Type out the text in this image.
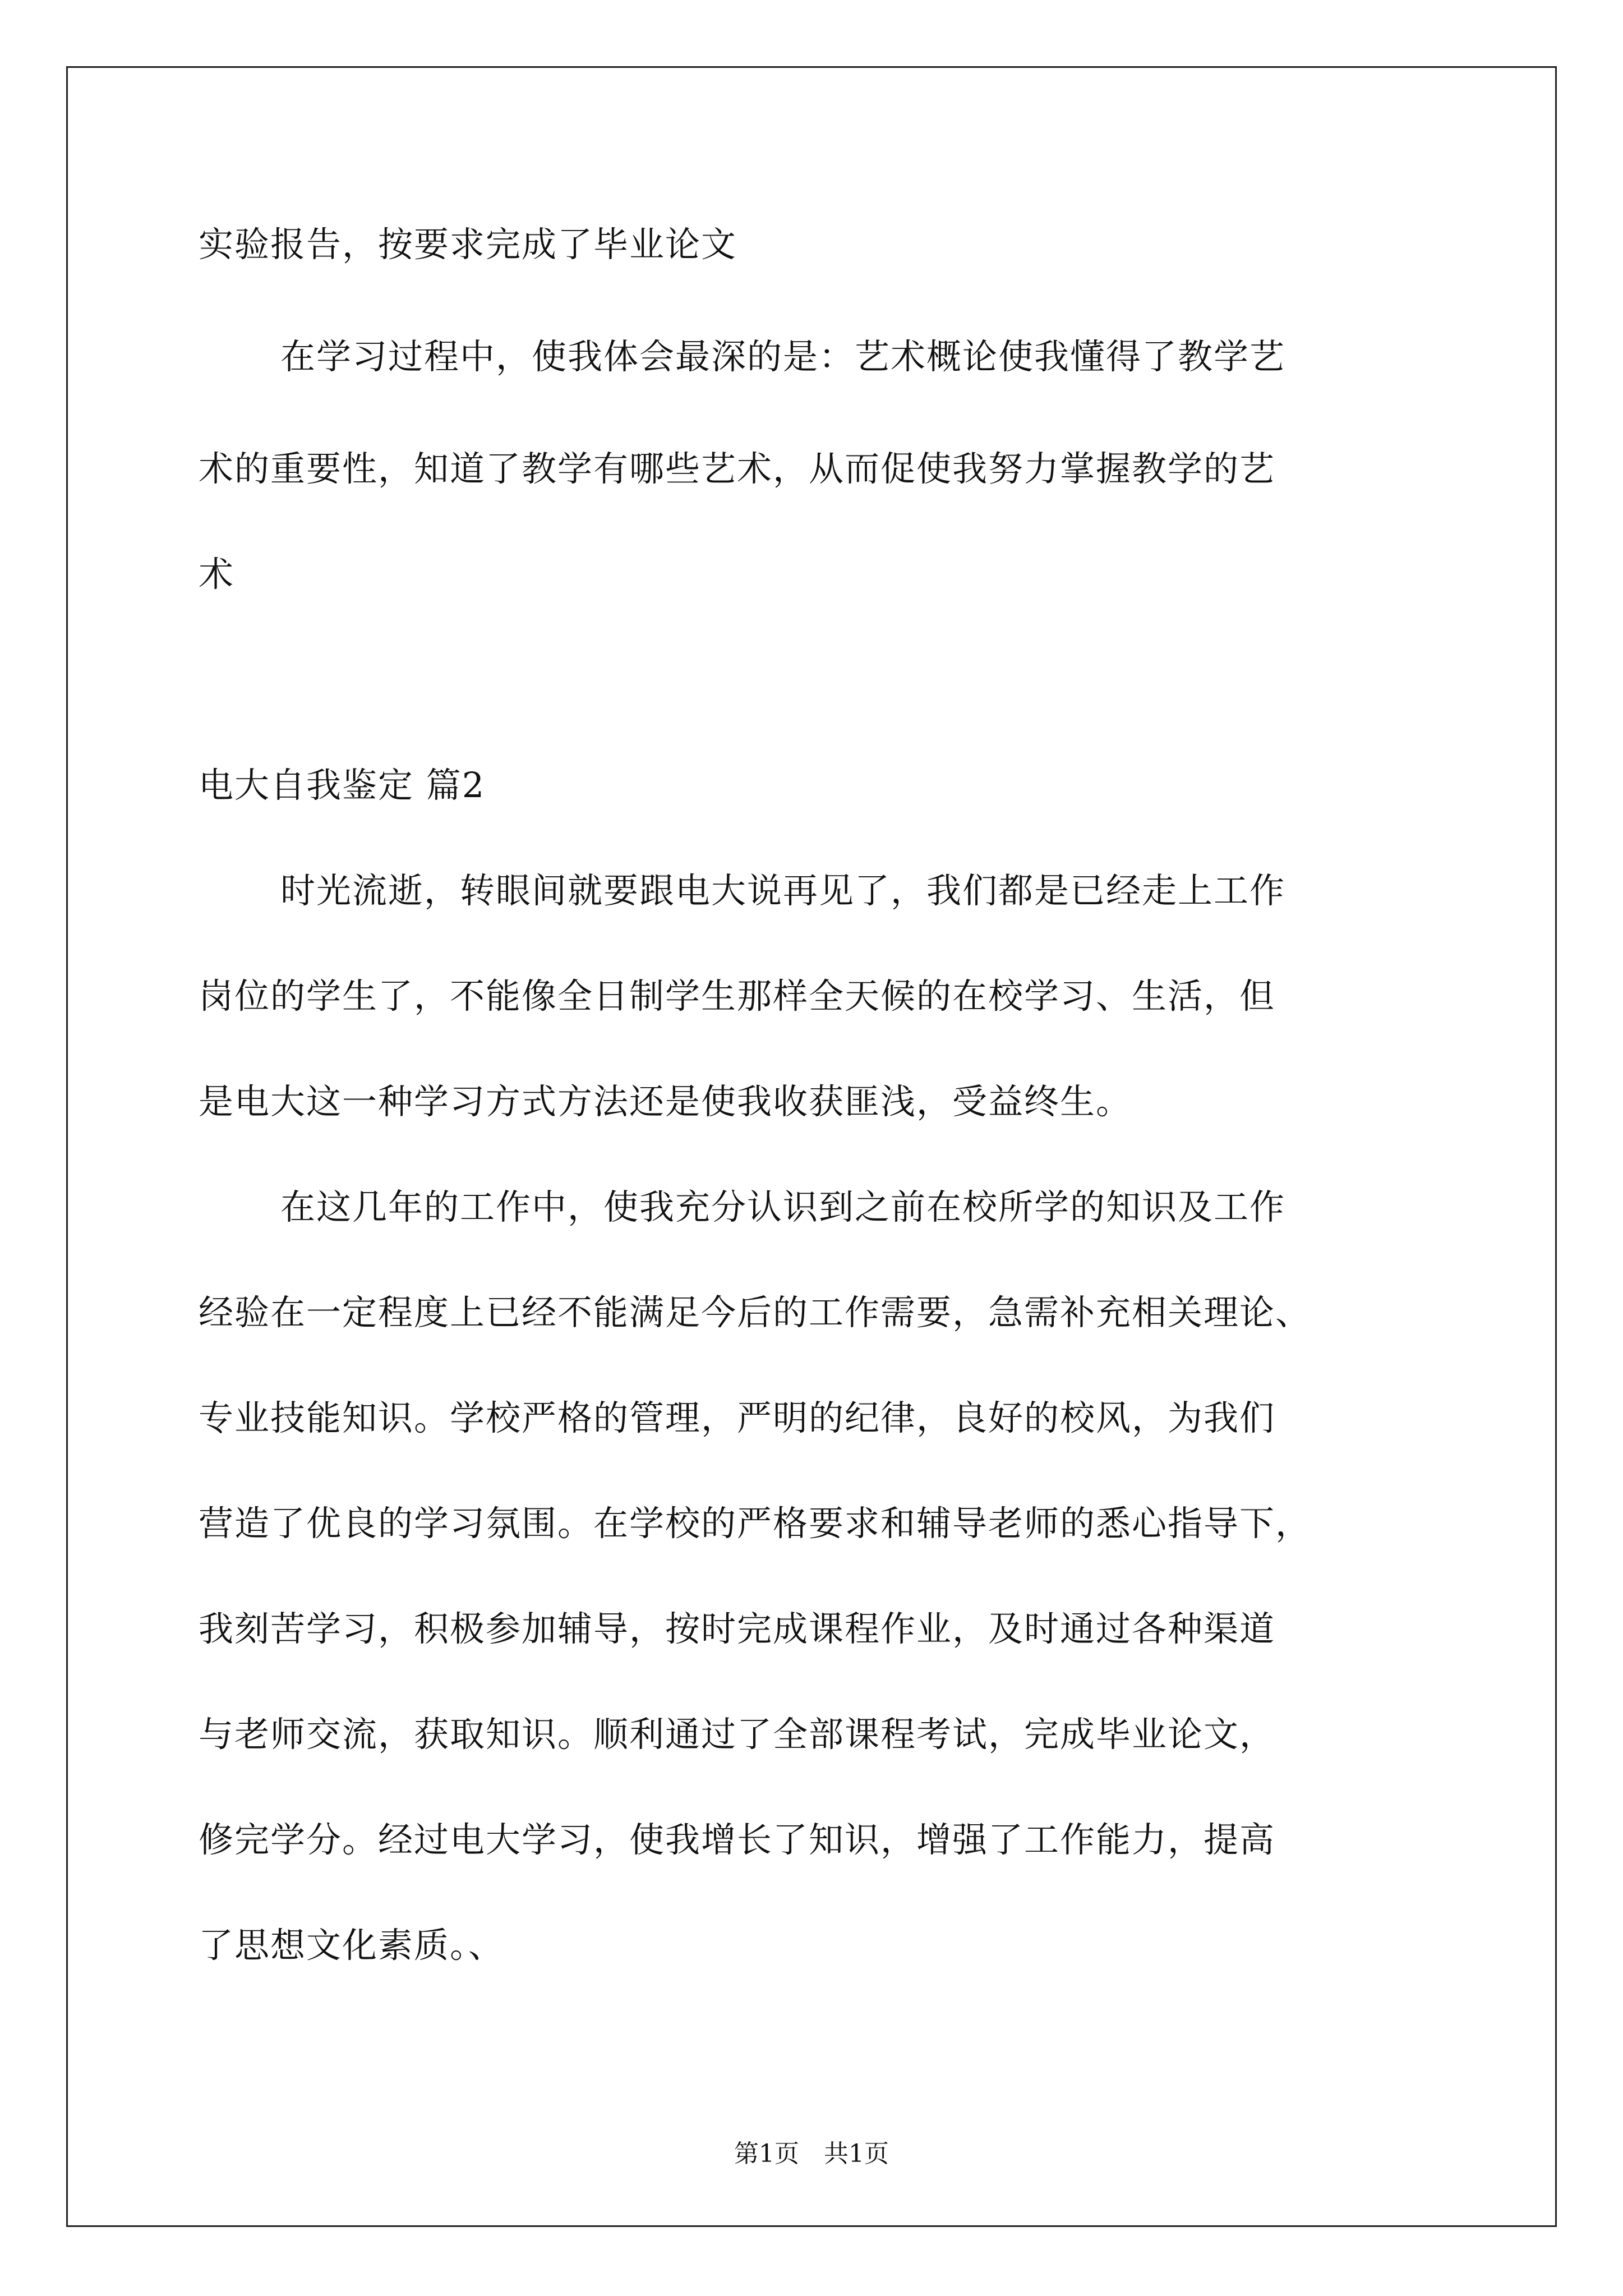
实验报告，按要求完成了毕业论文
在学习过程中，使我体会最深的是：艺术概论使我懂得了教学艺
术的重要性，知道了教学有哪些艺术，从而促使我努力掌握教学的艺
术
电大自我鉴定 篇2
时光流逝，转眼间就要跟电大说再见了，我们都是已经走上工作
岗位的学生了，不能像全日制学生那样全天候的在校学习、生活，但
是电大这一种学习方式方法还是使我收获匪浅，受益终生。
在这几年的工作中，使我充分认识到之前在校所学的知识及工作
经验在一定程度上已经不能满足今后的工作需要，急需补充相关理论、
专业技能知识。学校严格的管理，严明的纪律，良好的校风，为我们
营造了优良的学习氛围。在学校的严格要求和辅导老师的悉心指导下，
我刻苦学习，积极参加辅导，按时完成课程作业，及时通过各种渠道
与老师交流，获取知识。顺利通过了全部课程考试，完成毕业论文，
修完学分。经过电大学习，使我增长了知识，增强了工作能力，提高
了思想文化素质。、
第1页　共1页
